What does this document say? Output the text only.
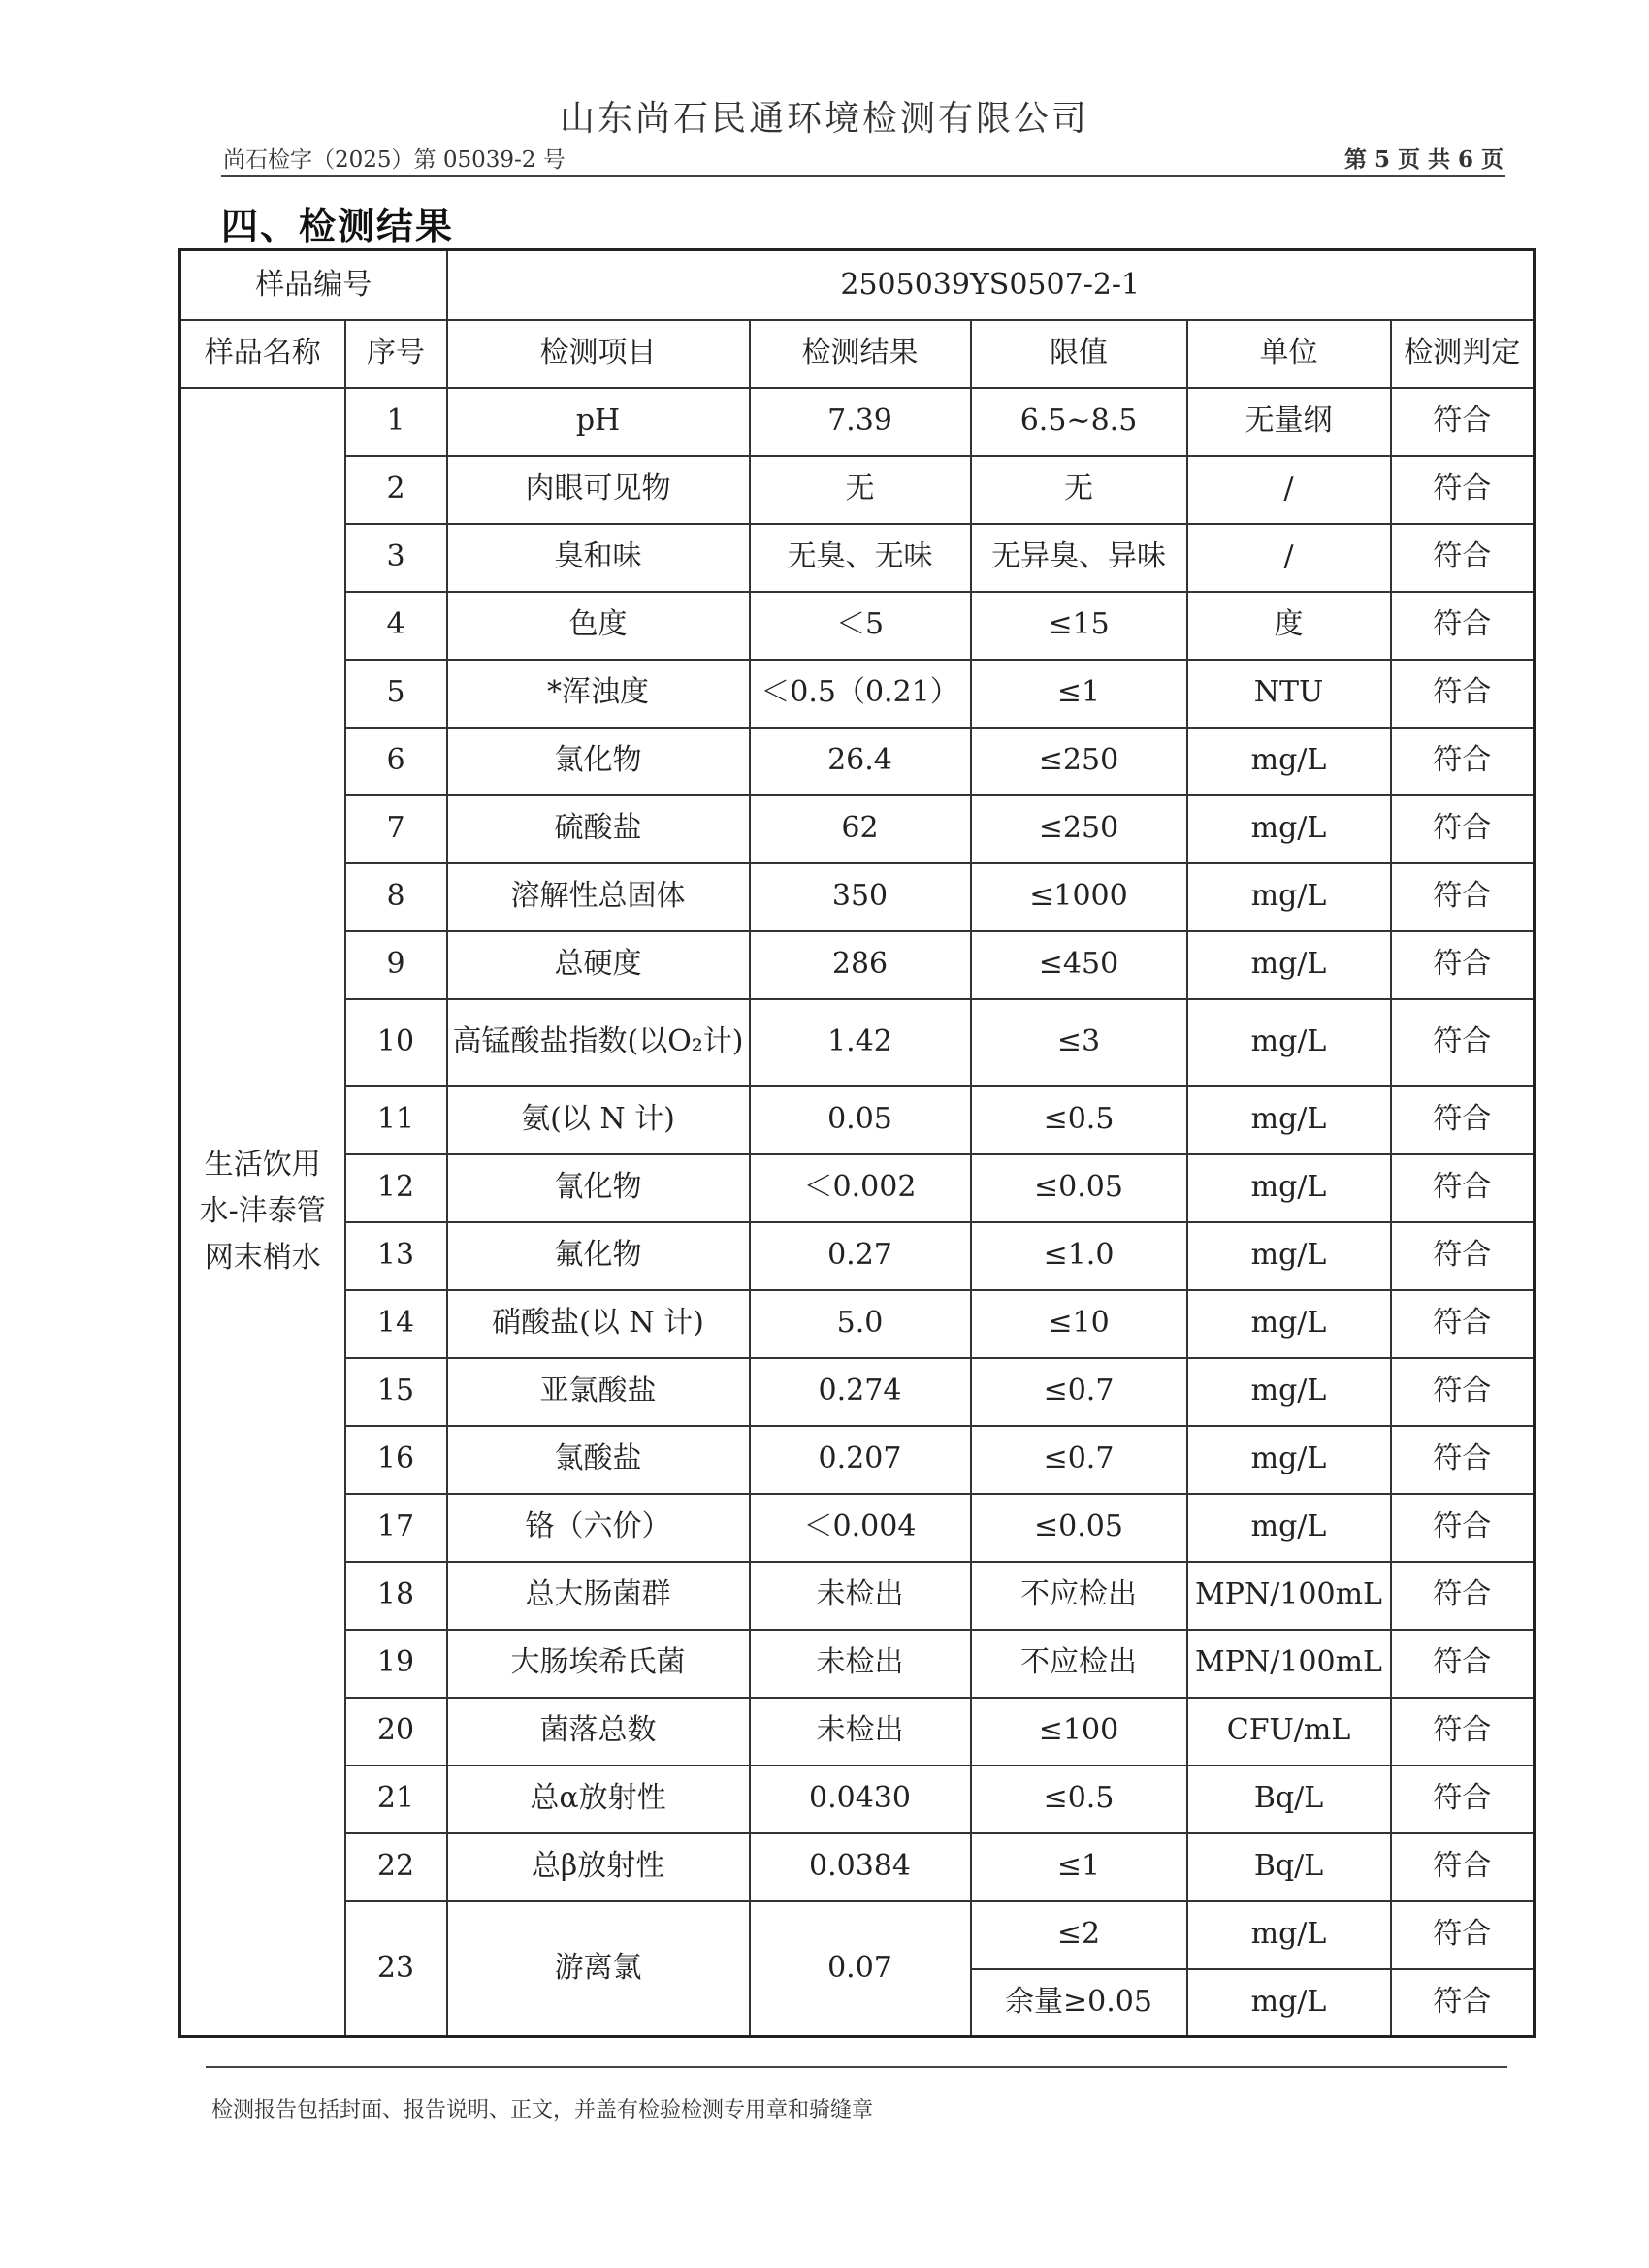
山东尚石民通环境检测有限公司
尚石检字（2025）第 05039-2 号	第 5 页 共 6 页
四、检测结果
样品编号		2505039YS0507-2-1				
样品名称	序号	检测项目	检测结果	限值	单位	检测判定
生活饮用水-沣泰管网末梢水	1	pH	7.39	6.5~8.5	无量纲	符合
	2	肉眼可见物	无	无	/	符合
	3	臭和味	无臭、无味	无异臭、异味	/	符合
	4	色度	＜5	≤15	度	符合
	5	*浑浊度	＜0.5（0.21）	≤1	NTU	符合
	6	氯化物	26.4	≤250	mg/L	符合
	7	硫酸盐	62	≤250	mg/L	符合
	8	溶解性总固体	350	≤1000	mg/L	符合
	9	总硬度	286	≤450	mg/L	符合
	10	高锰酸盐指数(以O₂计)	1.42	≤3	mg/L	符合
	11	氨(以 N 计)	0.05	≤0.5	mg/L	符合
	12	氰化物	＜0.002	≤0.05	mg/L	符合
	13	氟化物	0.27	≤1.0	mg/L	符合
	14	硝酸盐(以 N 计)	5.0	≤10	mg/L	符合
	15	亚氯酸盐	0.274	≤0.7	mg/L	符合
	16	氯酸盐	0.207	≤0.7	mg/L	符合
	17	铬（六价）	＜0.004	≤0.05	mg/L	符合
	18	总大肠菌群	未检出	不应检出	MPN/100mL	符合
	19	大肠埃希氏菌	未检出	不应检出	MPN/100mL	符合
	20	菌落总数	未检出	≤100	CFU/mL	符合
	21	总α放射性	0.0430	≤0.5	Bq/L	符合
	22	总β放射性	0.0384	≤1	Bq/L	符合
	23	游离氯	0.07	≤2	mg/L	符合
				余量≥0.05	mg/L	符合
检测报告包括封面、报告说明、正文，并盖有检验检测专用章和骑缝章
